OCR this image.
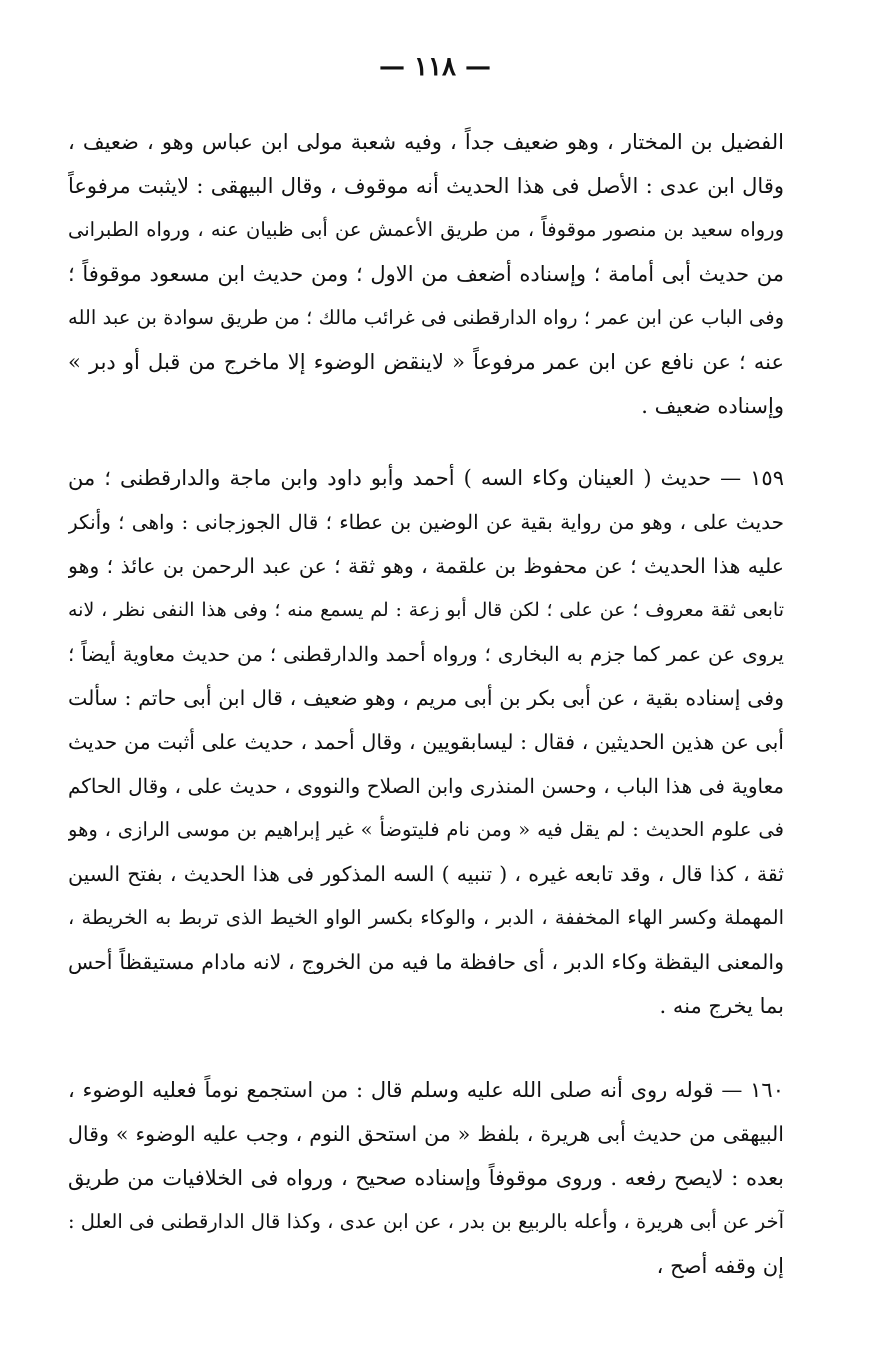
— ١١٨ —
الفضيل بن المختار ، وهو ضعيف جداً ، وفيه شعبة مولى ابن عباس وهو ، ضعيف ،
وقال ابن عدى : الأصل فى هذا الحديث أنه موقوف ، وقال البيهقى : لايثبت مرفوعاً
ورواه سعيد بن منصور موقوفاً ، من طريق الأعمش عن أبى ظبيان عنه ، ورواه الطبرانى
من حديث أبى أمامة ؛ وإسناده أضعف من الاول ؛ ومن حديث ابن مسعود موقوفاً ؛
وفى الباب عن ابن عمر ؛ رواه الدارقطنى فى غرائب مالك ؛ من طريق سوادة بن عبد الله
عنه ؛ عن نافع عن ابن عمر مرفوعاً « لاينقض الوضوء إلا ماخرج من قبل أو دبر »
وإسناده ضعيف .
١٥٩ — حديث ( العينان وكاء السه ) أحمد وأبو داود وابن ماجة والدارقطنى ؛ من
حديث على ، وهو من رواية بقية عن الوضين بن عطاء ؛ قال الجوزجانى : واهى ؛ وأنكر
عليه هذا الحديث ؛ عن محفوظ بن علقمة ، وهو ثقة ؛ عن عبد الرحمن بن عائذ ؛ وهو
تابعى ثقة معروف ؛ عن على ؛ لكن قال أبو زعة : لم يسمع منه ؛ وفى هذا النفى نظر ، لانه
يروى عن عمر كما جزم به البخارى ؛ ورواه أحمد والدارقطنى ؛ من حديث معاوية أيضاً ؛
وفى إسناده بقية ، عن أبى بكر بن أبى مريم ، وهو ضعيف ، قال ابن أبى حاتم : سألت
أبى عن هذين الحديثين ، فقال : ليسابقويين ، وقال أحمد ، حديث على أثبت من حديث
معاوية فى هذا الباب ، وحسن المنذرى وابن الصلاح والنووى ، حديث على ، وقال الحاكم
فى علوم الحديث : لم يقل فيه « ومن نام فليتوضأ » غير إبراهيم بن موسى الرازى ، وهو
ثقة ، كذا قال ، وقد تابعه غيره ، ( تنبيه ) السه المذكور فى هذا الحديث ، بفتح السين
المهملة وكسر الهاء المخففة ، الدبر ، والوكاء بكسر الواو الخيط الذى تربط به الخريطة ،
والمعنى اليقظة وكاء الدبر ، أى حافظة ما فيه من الخروج ، لانه مادام مستيقظاً أحس
بما يخرج منه .
١٦٠ — قوله روى أنه صلى الله عليه وسلم قال : من استجمع نوماً فعليه الوضوء ،
البيهقى من حديث أبى هريرة ، بلفظ « من استحق النوم ، وجب عليه الوضوء » وقال
بعده : لايصح رفعه . وروى موقوفاً وإسناده صحيح ، ورواه فى الخلافيات من طريق
آخر عن أبى هريرة ، وأعله بالربيع بن بدر ، عن ابن عدى ، وكذا قال الدارقطنى فى العلل :
إن وقفه أصح ،
